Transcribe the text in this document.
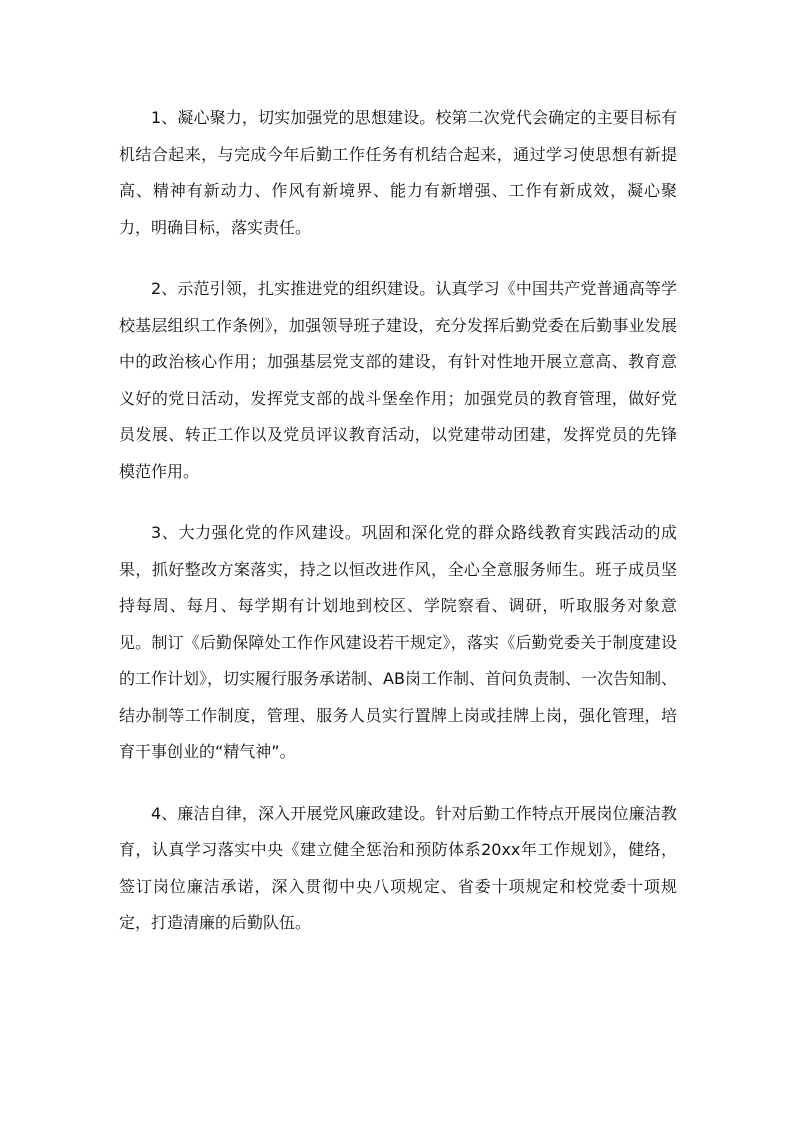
1、凝心聚力，切实加强党的思想建设。校第二次党代会确定的主要目标有机结合起来，与完成今年后勤工作任务有机结合起来，通过学习使思想有新提高、精神有新动力、作风有新境界、能力有新增强、工作有新成效，凝心聚力，明确目标，落实责任。

2、示范引领，扎实推进党的组织建设。认真学习《中国共产党普通高等学校基层组织工作条例》，加强领导班子建设，充分发挥后勤党委在后勤事业发展中的政治核心作用；加强基层党支部的建设，有针对性地开展立意高、教育意义好的党日活动，发挥党支部的战斗堡垒作用；加强党员的教育管理，做好党员发展、转正工作以及党员评议教育活动，以党建带动团建，发挥党员的先锋模范作用。

3、大力强化党的作风建设。巩固和深化党的群众路线教育实践活动的成果，抓好整改方案落实，持之以恒改进作风，全心全意服务师生。班子成员坚持每周、每月、每学期有计划地到校区、学院察看、调研，听取服务对象意见。制订《后勤保障处工作作风建设若干规定》，落实《后勤党委关于制度建设的工作计划》，切实履行服务承诺制、AB岗工作制、首问负责制、一次告知制、结办制等工作制度，管理、服务人员实行置牌上岗或挂牌上岗，强化管理，培育干事创业的“精气神”。

4、廉洁自律，深入开展党风廉政建设。针对后勤工作特点开展岗位廉洁教育，认真学习落实中央《建立健全惩治和预防体系20xx年工作规划》，健络，签订岗位廉洁承诺，深入贯彻中央八项规定、省委十项规定和校党委十项规定，打造清廉的后勤队伍。
